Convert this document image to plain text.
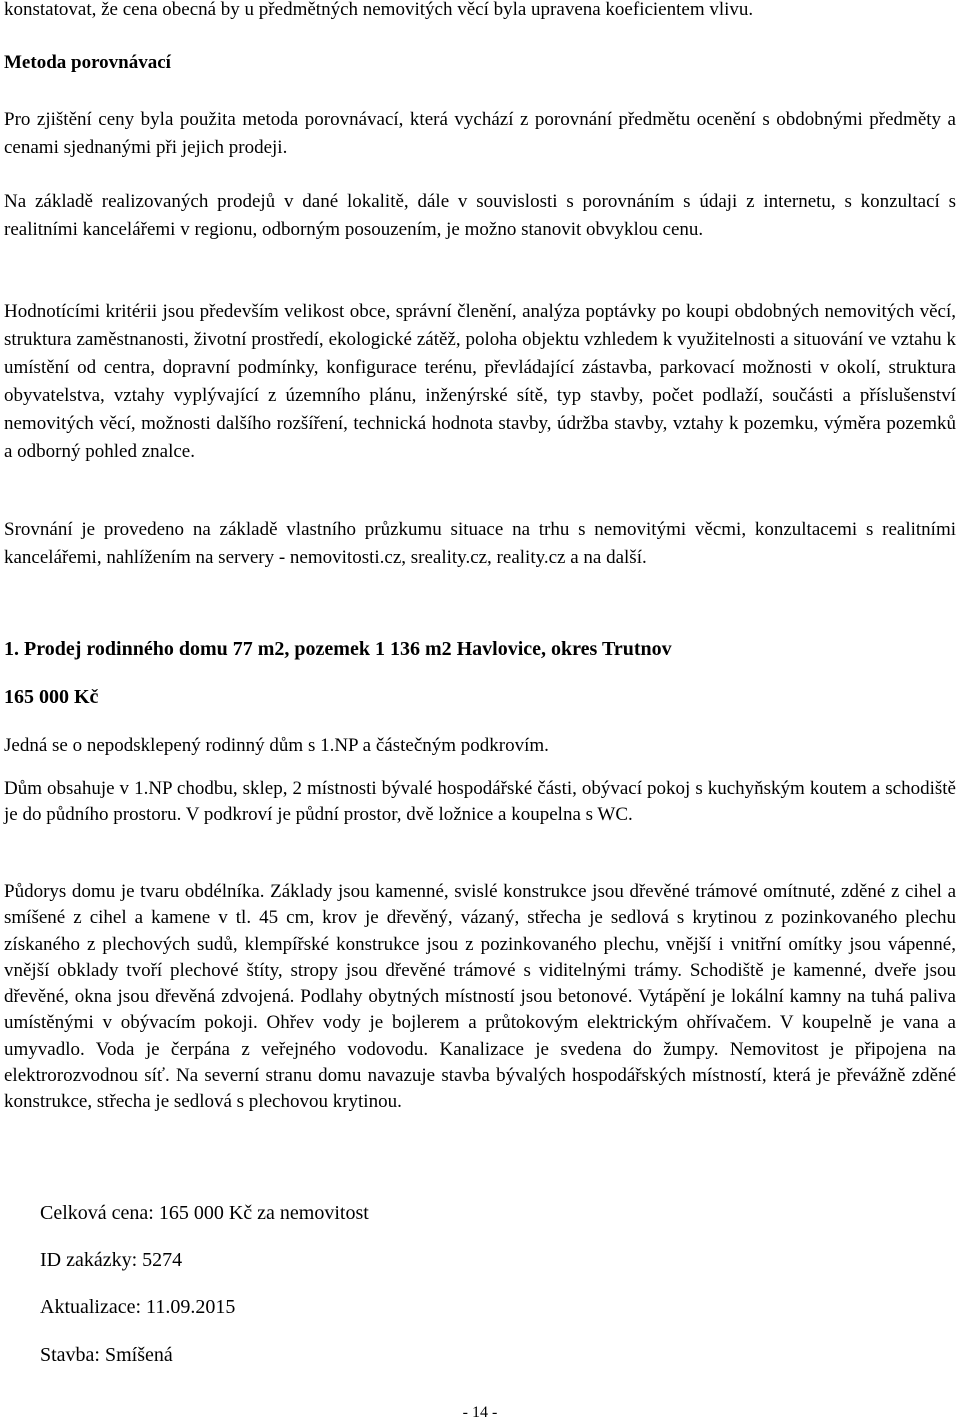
konstatovat, že cena obecná by u předmětných nemovitých věcí byla upravena koeficientem vlivu.

Metoda porovnávací

Pro zjištění ceny byla použita metoda porovnávací, která vychází z porovnání předmětu ocenění s obdobnými předměty a cenami sjednanými při jejich prodeji.

Na základě realizovaných prodejů v dané lokalitě, dále v souvislosti s porovnáním s údaji z internetu, s konzultací s realitními kancelářemi v regionu, odborným posouzením, je možno stanovit obvyklou cenu.

Hodnotícími kritérii jsou především velikost obce, správní členění, analýza poptávky po koupi obdobných nemovitých věcí, struktura zaměstnanosti, životní prostředí, ekologické zátěž, poloha objektu vzhledem k využitelnosti a situování ve vztahu k umístění od centra, dopravní podmínky, konfigurace terénu, převládající zástavba, parkovací možnosti v okolí, struktura obyvatelstva, vztahy vyplývající z územního plánu, inženýrské sítě, typ stavby, počet podlaží, součásti a příslušenství nemovitých věcí, možnosti dalšího rozšíření, technická hodnota stavby, údržba stavby, vztahy k pozemku, výměra pozemků a odborný pohled znalce.

Srovnání je provedeno na základě vlastního průzkumu situace na trhu s nemovitými věcmi, konzultacemi s realitními kancelářemi, nahlížením na servery - nemovitosti.cz, sreality.cz, reality.cz a na další.

1. Prodej rodinného domu 77 m2, pozemek 1 136 m2 Havlovice, okres Trutnov

165 000 Kč

Jedná se o nepodsklepený rodinný dům s 1.NP a částečným podkrovím.

Dům obsahuje v 1.NP chodbu, sklep, 2 místnosti bývalé hospodářské části, obývací pokoj s kuchyňským koutem a schodiště je do půdního prostoru. V podkroví je půdní prostor, dvě ložnice a koupelna s WC.

Půdorys domu je tvaru obdélníka. Základy jsou kamenné, svislé konstrukce jsou dřevěné trámové omítnuté, zděné z cihel a smíšené z cihel a kamene v tl. 45 cm, krov je dřevěný, vázaný, střecha je sedlová s krytinou z pozinkovaného plechu získaného z plechových sudů, klempířské konstrukce jsou z pozinkovaného plechu, vnější i vnitřní omítky jsou vápenné, vnější obklady tvoří plechové štíty, stropy jsou dřevěné trámové s viditelnými trámy. Schodiště je kamenné, dveře jsou dřevěné, okna jsou dřevěná zdvojená. Podlahy obytných místností jsou betonové. Vytápění je lokální kamny na tuhá paliva umístěnými v obývacím pokoji. Ohřev vody je bojlerem a průtokovým elektrickým ohřívačem. V koupelně je vana a umyvadlo. Voda je čerpána z veřejného vodovodu. Kanalizace je svedena do žumpy. Nemovitost je připojena na elektrorozvodnou síť. Na severní stranu domu navazuje stavba bývalých hospodářských místností, která je převážně zděné konstrukce, střecha je sedlová s plechovou krytinou.

Celková cena: 165 000 Kč za nemovitost

ID zakázky: 5274

Aktualizace: 11.09.2015

Stavba: Smíšená

- 14 -
